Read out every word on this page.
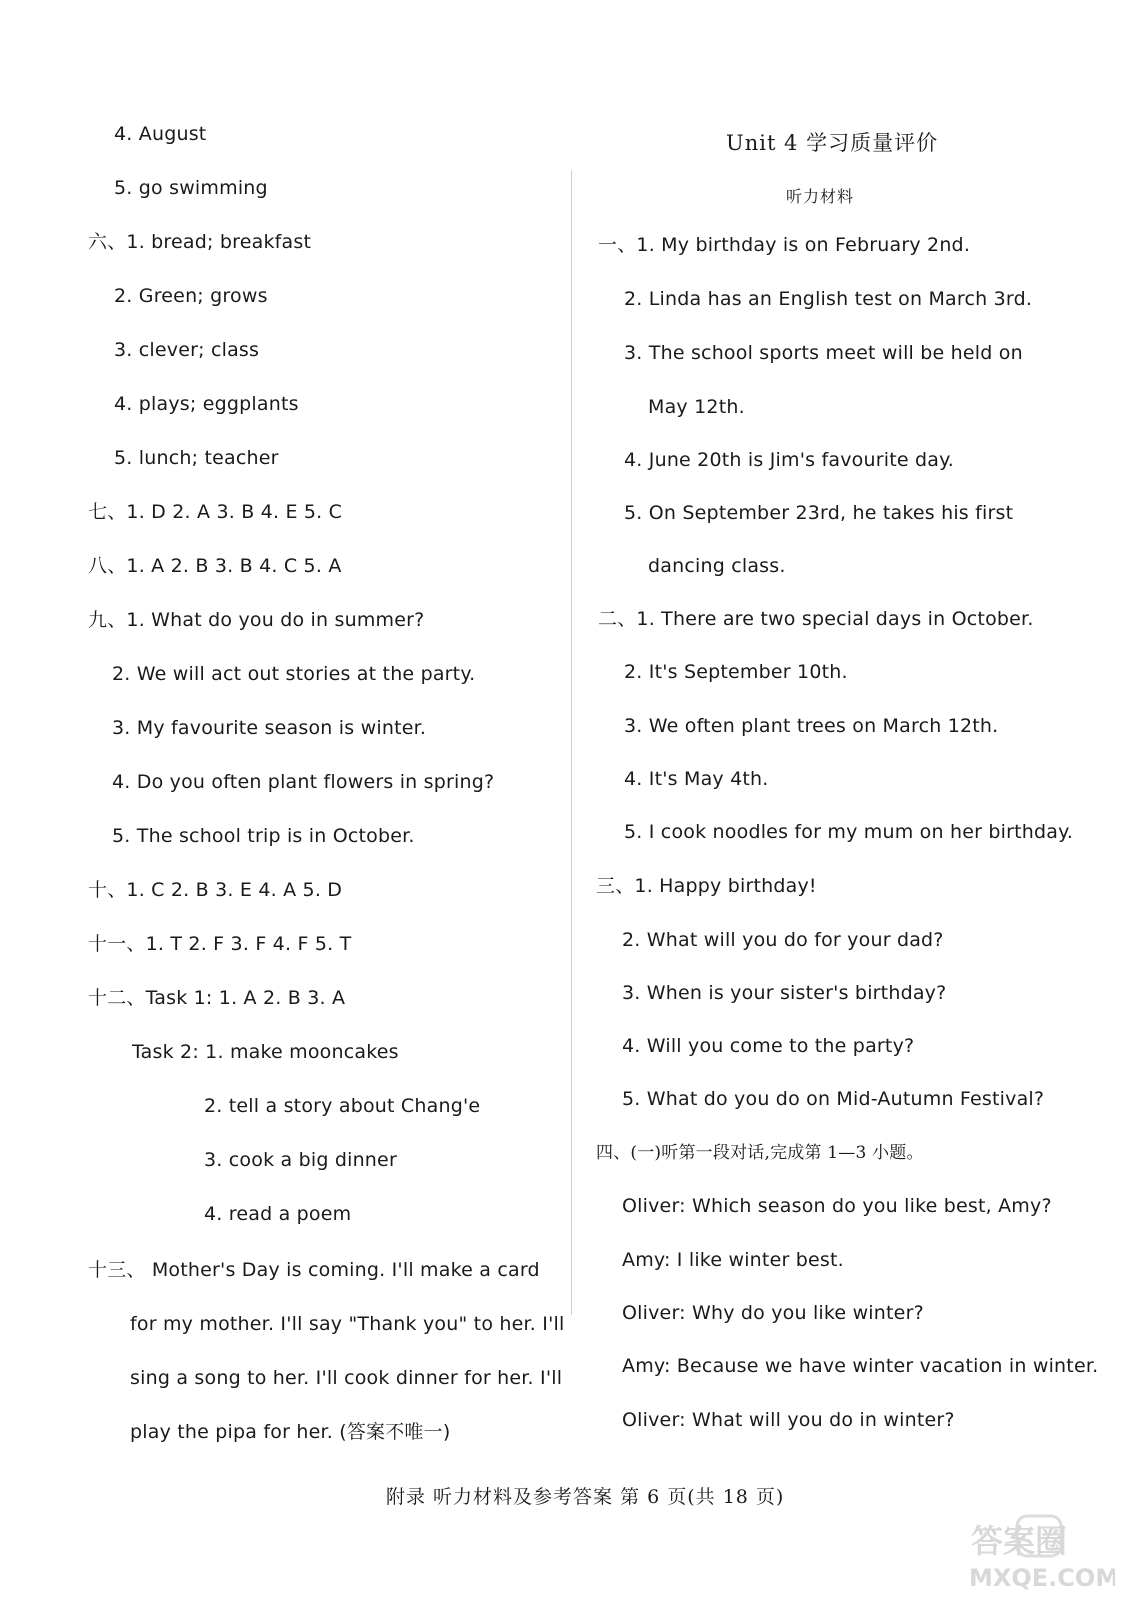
4. August
5. go swimming
六、1. bread; breakfast
2. Green; grows
3. clever; class
4. plays; eggplants
5. lunch; teacher
七、1. D 2. A 3. B 4. E 5. C
八、1. A 2. B 3. B 4. C 5. A
九、1. What do you do in summer?
2. We will act out stories at the party.
3. My favourite season is winter.
4. Do you often plant flowers in spring?
5. The school trip is in October.
十、1. C 2. B 3. E 4. A 5. D
十一、1. T 2. F 3. F 4. F 5. T
十二、Task 1: 1. A 2. B 3. A
Task 2: 1. make mooncakes
2. tell a story about Chang'e
3. cook a big dinner
4. read a poem
十三、 Mother's Day is coming. I'll make a card
for my mother. I'll say "Thank you" to her. I'll
sing a song to her. I'll cook dinner for her. I'll
play the pipa for her. (答案不唯一)
Unit 4 学习质量评价
听力材料
一、1. My birthday is on February 2nd.
2. Linda has an English test on March 3rd.
3. The school sports meet will be held on
May 12th.
4. June 20th is Jim's favourite day.
5. On September 23rd, he takes his first
dancing class.
二、1. There are two special days in October.
2. It's September 10th.
3. We often plant trees on March 12th.
4. It's May 4th.
5. I cook noodles for my mum on her birthday.
三、1. Happy birthday!
2. What will you do for your dad?
3. When is your sister's birthday?
4. Will you come to the party?
5. What do you do on Mid-Autumn Festival?
四、(一)听第一段对话,完成第 1—3 小题。
Oliver: Which season do you like best, Amy?
Amy: I like winter best.
Oliver: Why do you like winter?
Amy: Because we have winter vacation in winter.
Oliver: What will you do in winter?
附录 听力材料及参考答案 第 6 页(共 18 页)
答案圈
MXQE.COM
